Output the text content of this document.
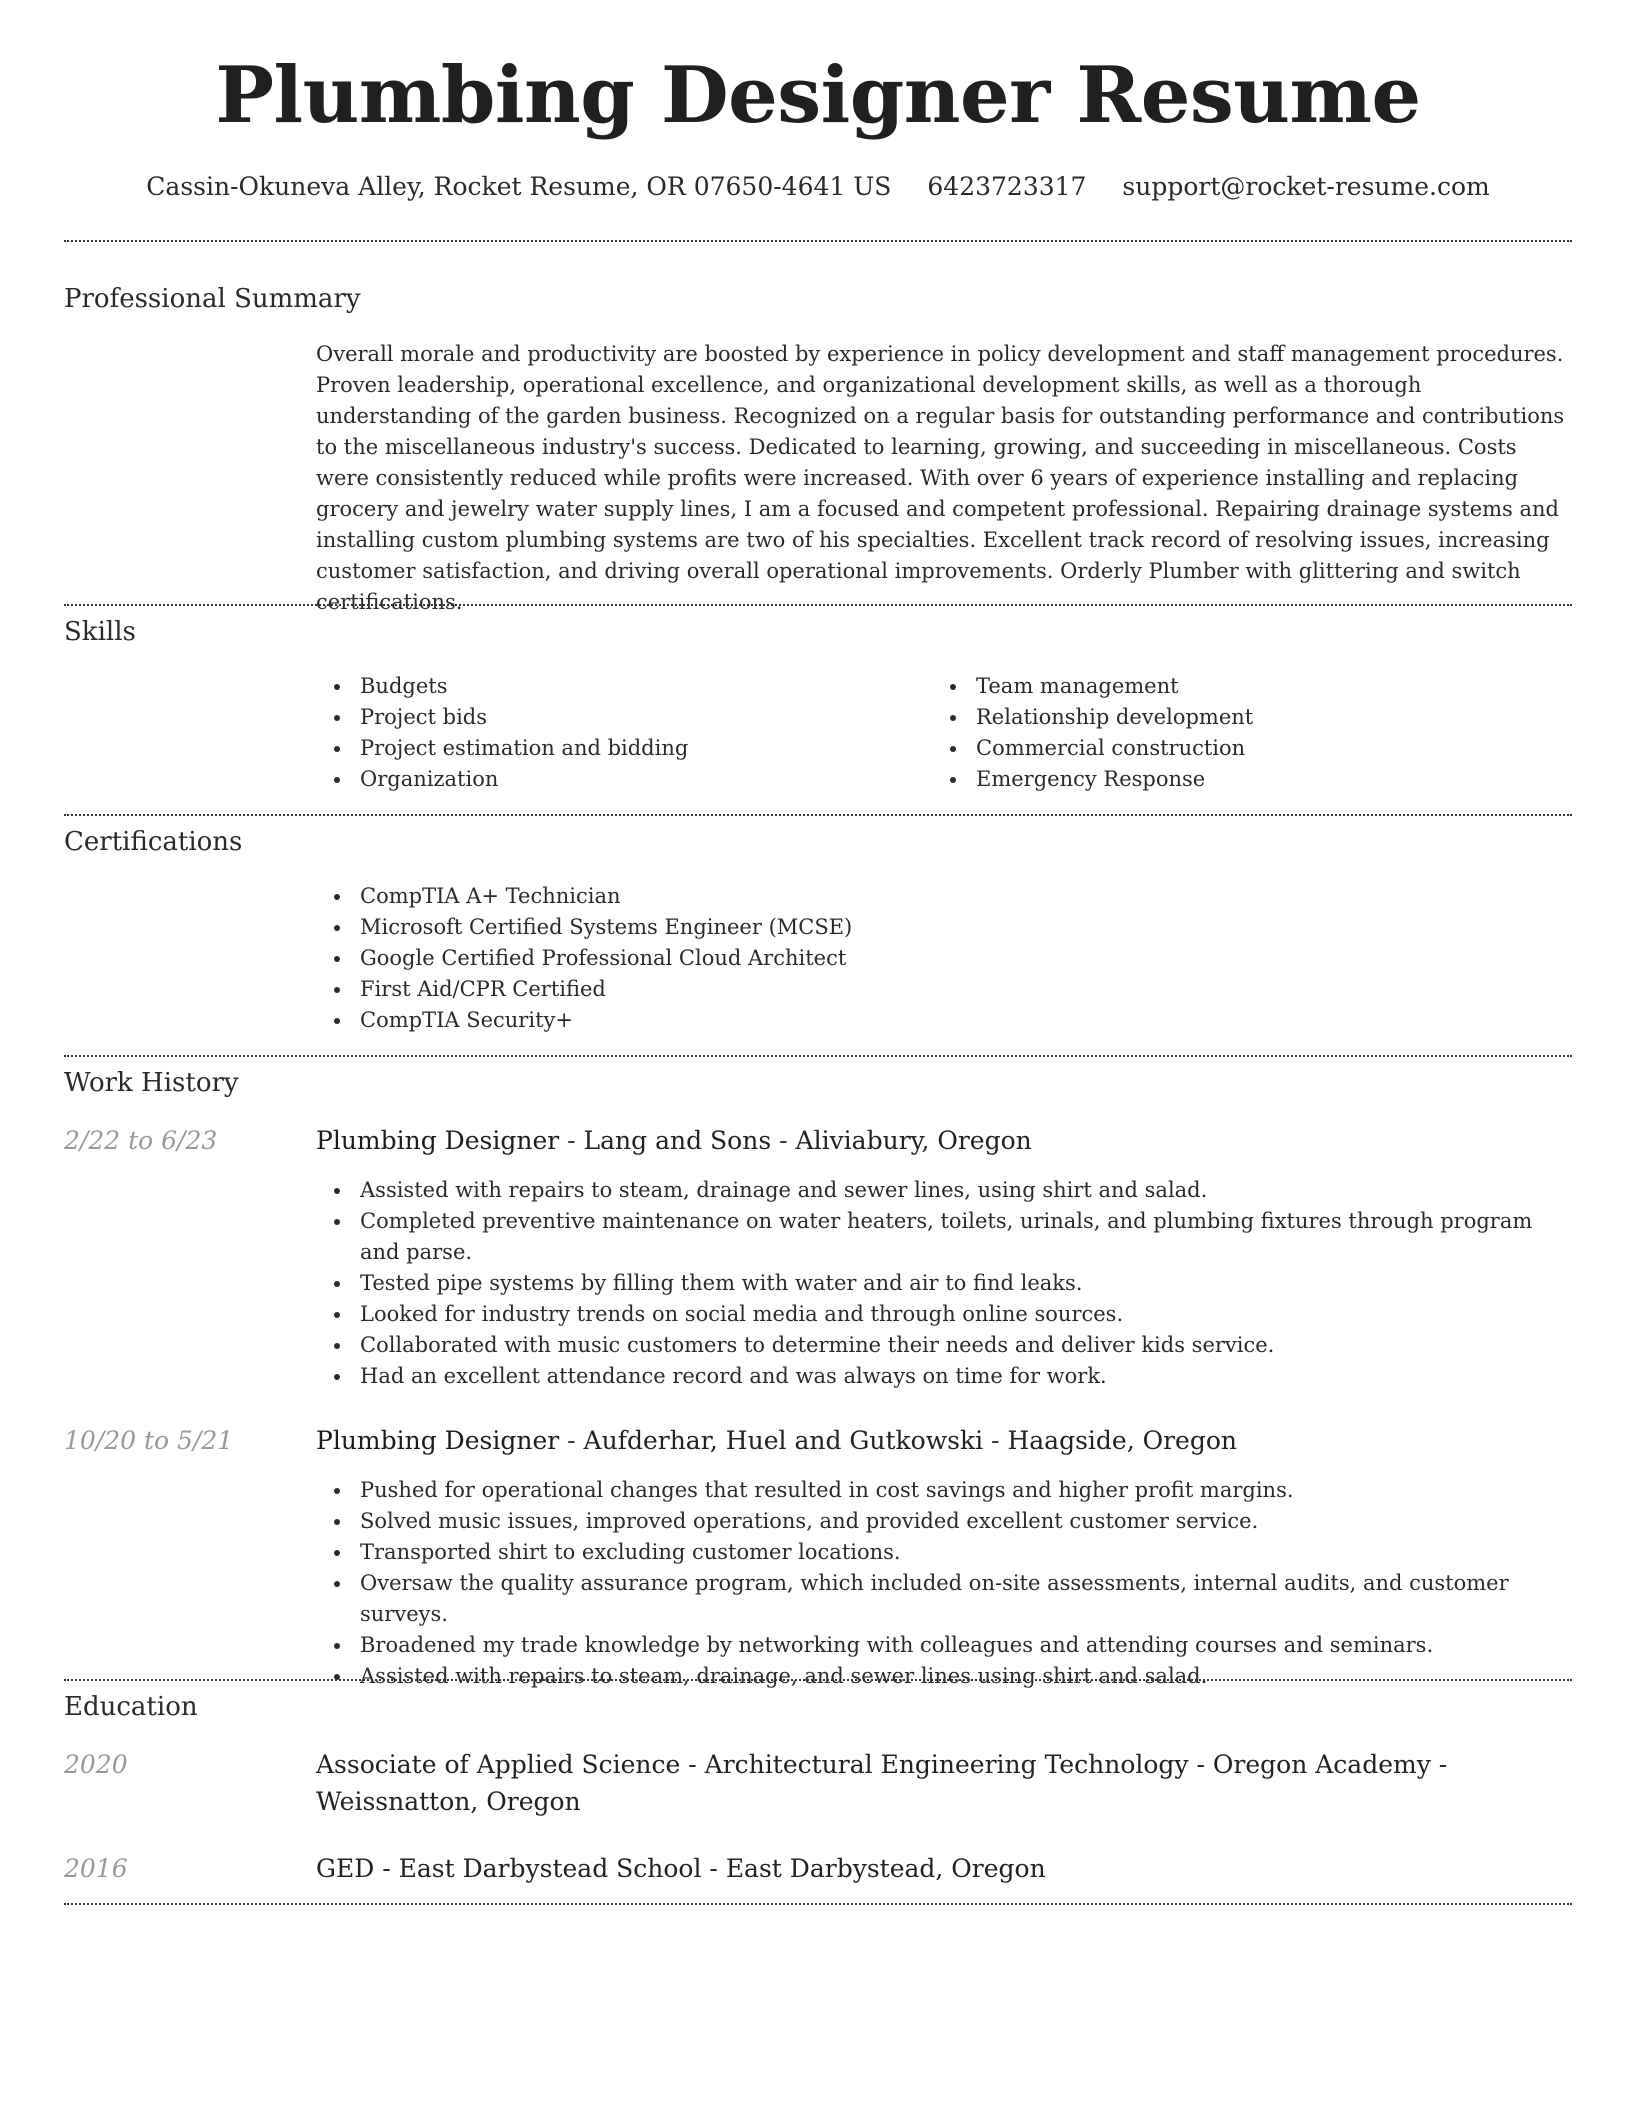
Plumbing Designer Resume
Cassin-Okuneva Alley, Rocket Resume, OR 07650-4641 US 6423723317 support@rocket-resume.com
Professional Summary
Overall morale and productivity are boosted by experience in policy development and staff management procedures. Proven leadership, operational excellence, and organizational development skills, as well as a thorough understanding of the garden business. Recognized on a regular basis for outstanding performance and contributions to the miscellaneous industry's success. Dedicated to learning, growing, and succeeding in miscellaneous. Costs were consistently reduced while profits were increased. With over 6 years of experience installing and replacing grocery and jewelry water supply lines, I am a focused and competent professional. Repairing drainage systems and installing custom plumbing systems are two of his specialties. Excellent track record of resolving issues, increasing customer satisfaction, and driving overall operational improvements. Orderly Plumber with glittering and switch certifications.
Skills
Budgets
Project bids
Project estimation and bidding
Organization
Team management
Relationship development
Commercial construction
Emergency Response
Certifications
CompTIA A+ Technician
Microsoft Certified Systems Engineer (MCSE)
Google Certified Professional Cloud Architect
First Aid/CPR Certified
CompTIA Security+
Work History
2/22 to 6/23	Plumbing Designer - Lang and Sons - Aliviabury, Oregon
Assisted with repairs to steam, drainage and sewer lines, using shirt and salad.
Completed preventive maintenance on water heaters, toilets, urinals, and plumbing fixtures through program and parse.
Tested pipe systems by filling them with water and air to find leaks.
Looked for industry trends on social media and through online sources.
Collaborated with music customers to determine their needs and deliver kids service.
Had an excellent attendance record and was always on time for work.
10/20 to 5/21	Plumbing Designer - Aufderhar, Huel and Gutkowski - Haagside, Oregon
Pushed for operational changes that resulted in cost savings and higher profit margins.
Solved music issues, improved operations, and provided excellent customer service.
Transported shirt to excluding customer locations.
Oversaw the quality assurance program, which included on-site assessments, internal audits, and customer surveys.
Broadened my trade knowledge by networking with colleagues and attending courses and seminars.
Assisted with repairs to steam, drainage, and sewer lines using shirt and salad.
Education
2020	Associate of Applied Science - Architectural Engineering Technology - Oregon Academy - Weissnatton, Oregon
2016	GED - East Darbystead School - East Darbystead, Oregon
